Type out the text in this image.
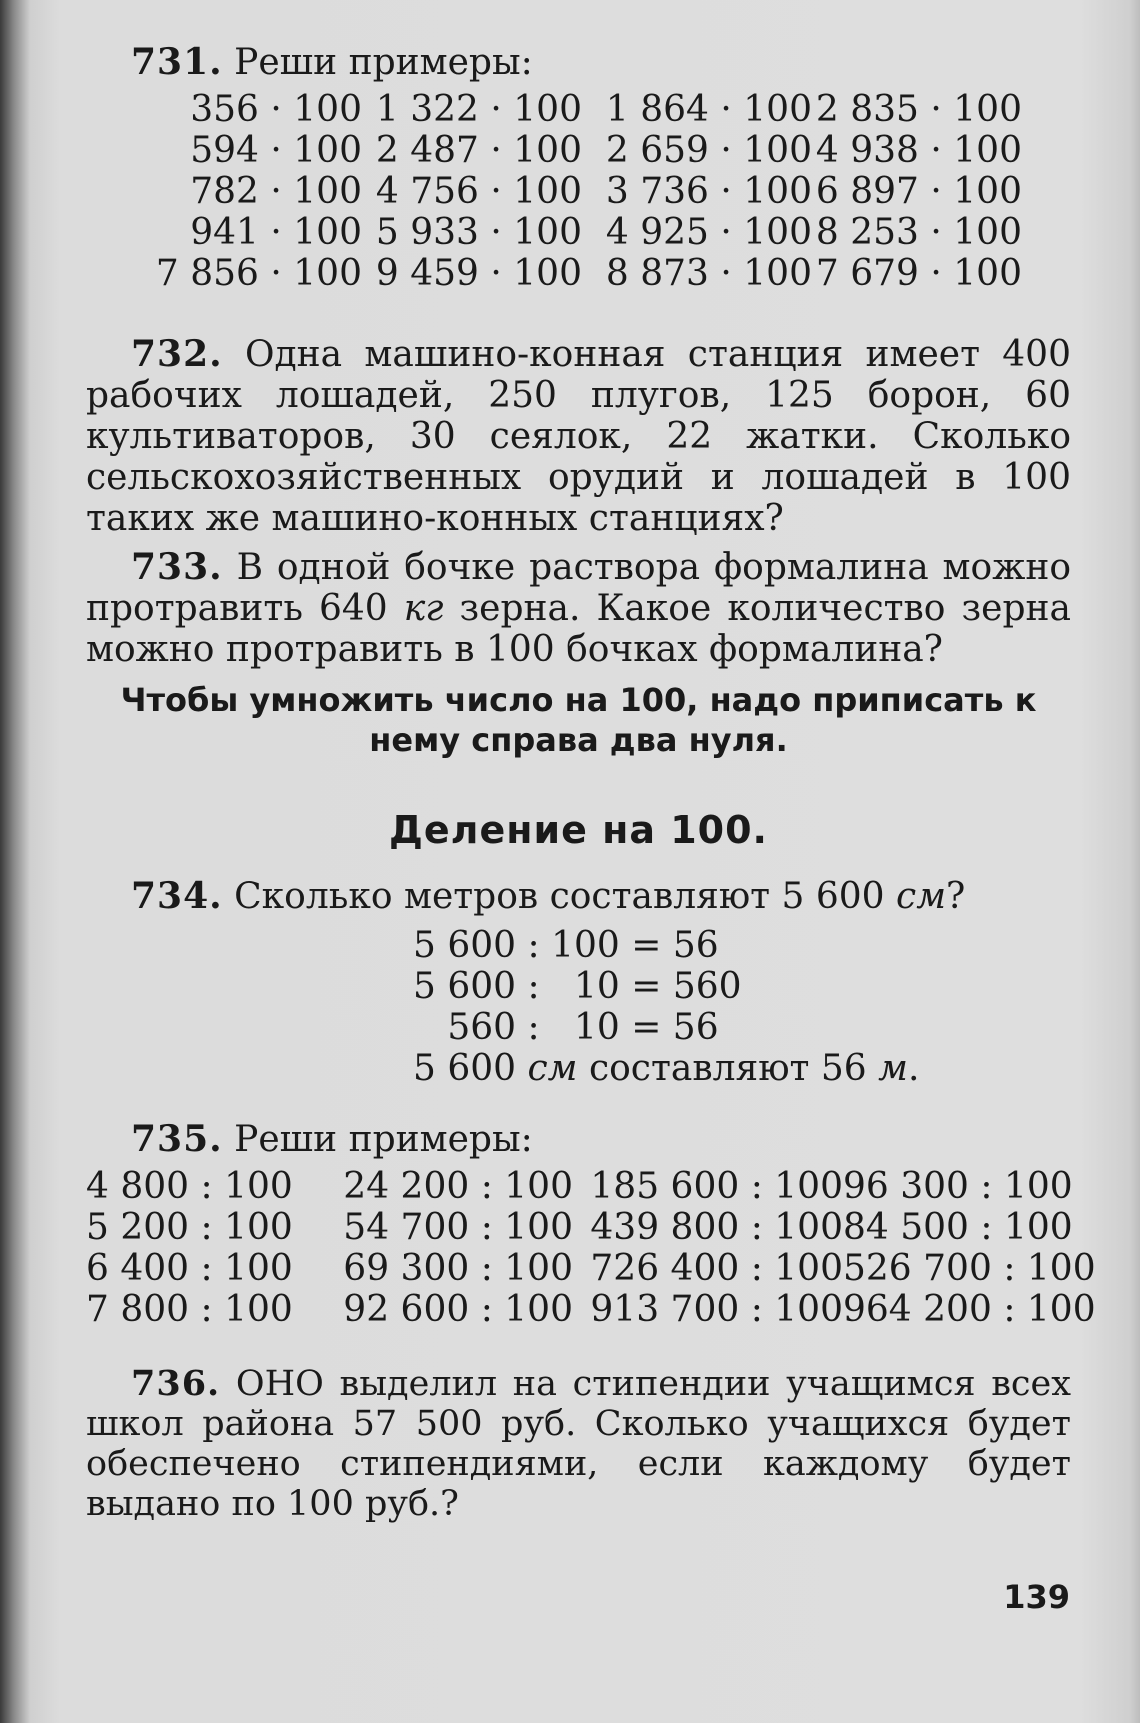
731. Реши примеры:
356 · 100 1 322 · 100 1 864 · 100 2 835 · 100
594 · 100 2 487 · 100 2 659 · 100 4 938 · 100
782 · 100 4 756 · 100 3 736 · 100 6 897 · 100
941 · 100 5 933 · 100 4 925 · 100 8 253 · 100
7 856 · 100 9 459 · 100 8 873 · 100 7 679 · 100

732. Одна машино-конная станция имеет 400 рабочих лошадей, 250 плугов, 125 борон, 60 культиваторов, 30 сеялок, 22 жатки. Сколько сельскохозяйственных орудий и лошадей в 100 таких же машино-конных станциях?

733. В одной бочке раствора формалина можно протравить 640 кг зерна. Какое количество зерна можно протравить в 100 бочках формалина?

Чтобы умножить число на 100, надо приписать к нему справа два нуля.
Деление на 100.
734. Сколько метров составляют 5 600 см?
5 600 : 100 = 56
5 600 :   10 = 560
560 :   10 = 56
5 600 см составляют 56 м.
735. Реши примеры:
4 800 : 100	24 200 : 100 185 600 : 100 96 300 : 100
5 200 : 100	54 700 : 100 439 800 : 100 84 500 : 100
6 400 : 100	69 300 : 100 726 400 : 100 526 700 : 100
7 800 : 100	92 600 : 100 913 700 : 100 964 200 : 100

736. ОНО выделил на стипендии учащимся всех школ района 57 500 руб. Сколько учащихся будет обеспечено стипендиями, если каждому будет выдано по 100 руб.?

139
